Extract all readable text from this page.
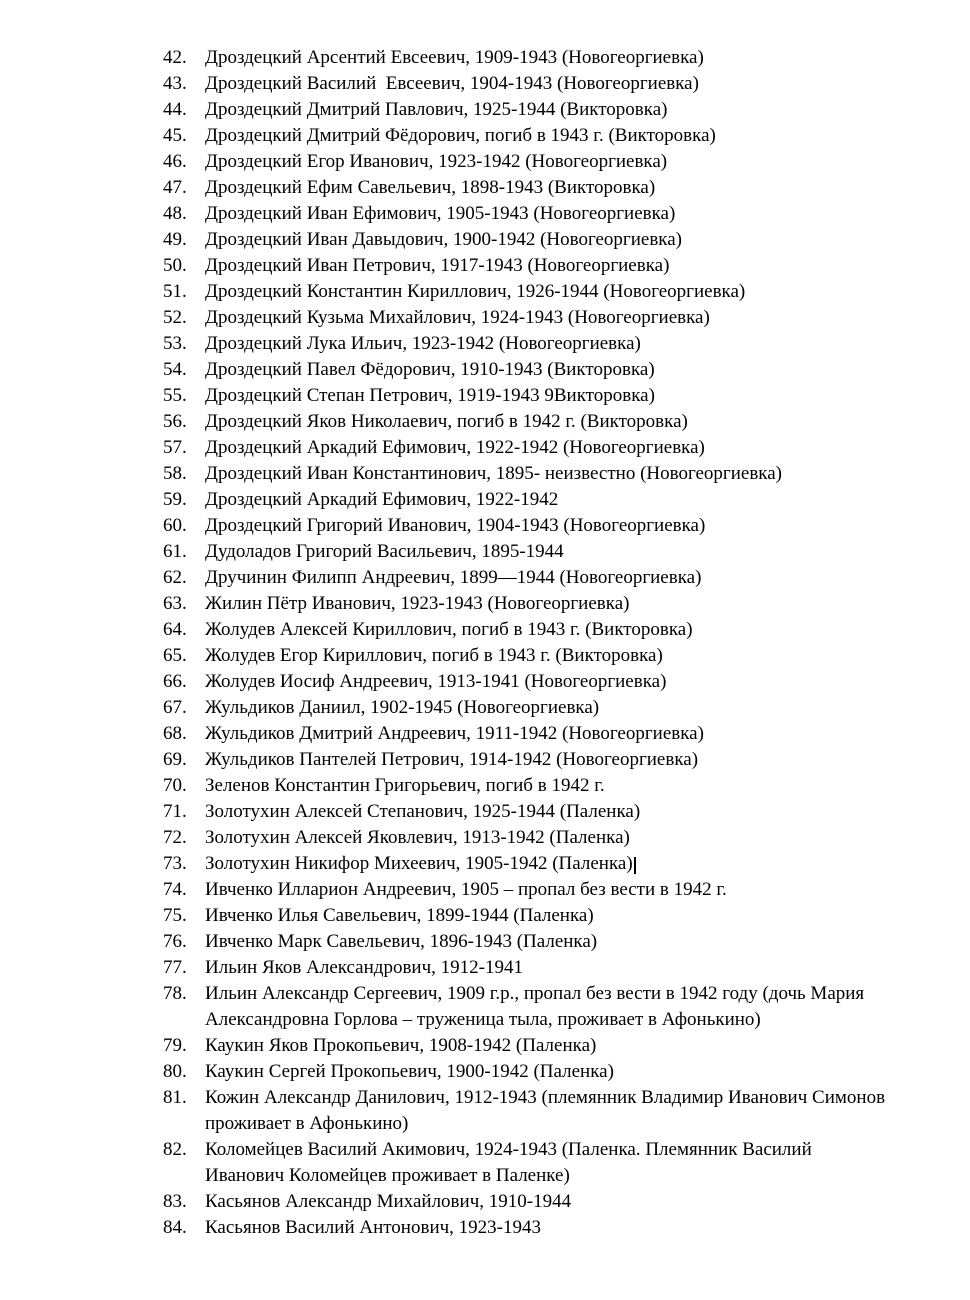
42. Дроздецкий Арсентий Евсеевич, 1909-1943 (Новогеоргиевка)
43. Дроздецкий Василий  Евсеевич, 1904-1943 (Новогеоргиевка)
44. Дроздецкий Дмитрий Павлович, 1925-1944 (Викторовка)
45. Дроздецкий Дмитрий Фёдорович, погиб в 1943 г. (Викторовка)
46. Дроздецкий Егор Иванович, 1923-1942 (Новогеоргиевка)
47. Дроздецкий Ефим Савельевич, 1898-1943 (Викторовка)
48. Дроздецкий Иван Ефимович, 1905-1943 (Новогеоргиевка)
49. Дроздецкий Иван Давыдович, 1900-1942 (Новогеоргиевка)
50. Дроздецкий Иван Петрович, 1917-1943 (Новогеоргиевка)
51. Дроздецкий Константин Кириллович, 1926-1944 (Новогеоргиевка)
52. Дроздецкий Кузьма Михайлович, 1924-1943 (Новогеоргиевка)
53. Дроздецкий Лука Ильич, 1923-1942 (Новогеоргиевка)
54. Дроздецкий Павел Фёдорович, 1910-1943 (Викторовка)
55. Дроздецкий Степан Петрович, 1919-1943 9Викторовка)
56. Дроздецкий Яков Николаевич, погиб в 1942 г. (Викторовка)
57. Дроздецкий Аркадий Ефимович, 1922-1942 (Новогеоргиевка)
58. Дроздецкий Иван Константинович, 1895- неизвестно (Новогеоргиевка)
59. Дроздецкий Аркадий Ефимович, 1922-1942
60. Дроздецкий Григорий Иванович, 1904-1943 (Новогеоргиевка)
61. Дудоладов Григорий Васильевич, 1895-1944
62. Дручинин Филипп Андреевич, 1899—1944 (Новогеоргиевка)
63. Жилин Пётр Иванович, 1923-1943 (Новогеоргиевка)
64. Жолудев Алексей Кириллович, погиб в 1943 г. (Викторовка)
65. Жолудев Егор Кириллович, погиб в 1943 г. (Викторовка)
66. Жолудев Иосиф Андреевич, 1913-1941 (Новогеоргиевка)
67. Жульдиков Даниил, 1902-1945 (Новогеоргиевка)
68. Жульдиков Дмитрий Андреевич, 1911-1942 (Новогеоргиевка)
69. Жульдиков Пантелей Петрович, 1914-1942 (Новогеоргиевка)
70. Зеленов Константин Григорьевич, погиб в 1942 г.
71. Золотухин Алексей Степанович, 1925-1944 (Паленка)
72. Золотухин Алексей Яковлевич, 1913-1942 (Паленка)
73. Золотухин Никифор Михеевич, 1905-1942 (Паленка)
74. Ивченко Илларион Андреевич, 1905 – пропал без вести в 1942 г.
75. Ивченко Илья Савельевич, 1899-1944 (Паленка)
76. Ивченко Марк Савельевич, 1896-1943 (Паленка)
77. Ильин Яков Александрович, 1912-1941
78. Ильин Александр Сергеевич, 1909 г.р., пропал без вести в 1942 году (дочь Мария
Александровна Горлова – труженица тыла, проживает в Афонькино)
79. Каукин Яков Прокопьевич, 1908-1942 (Паленка)
80. Каукин Сергей Прокопьевич, 1900-1942 (Паленка)
81. Кожин Александр Данилович, 1912-1943 (племянник Владимир Иванович Симонов
проживает в Афонькино)
82. Коломейцев Василий Акимович, 1924-1943 (Паленка. Племянник Василий
Иванович Коломейцев проживает в Паленке)
83. Касьянов Александр Михайлович, 1910-1944
84. Касьянов Василий Антонович, 1923-1943
